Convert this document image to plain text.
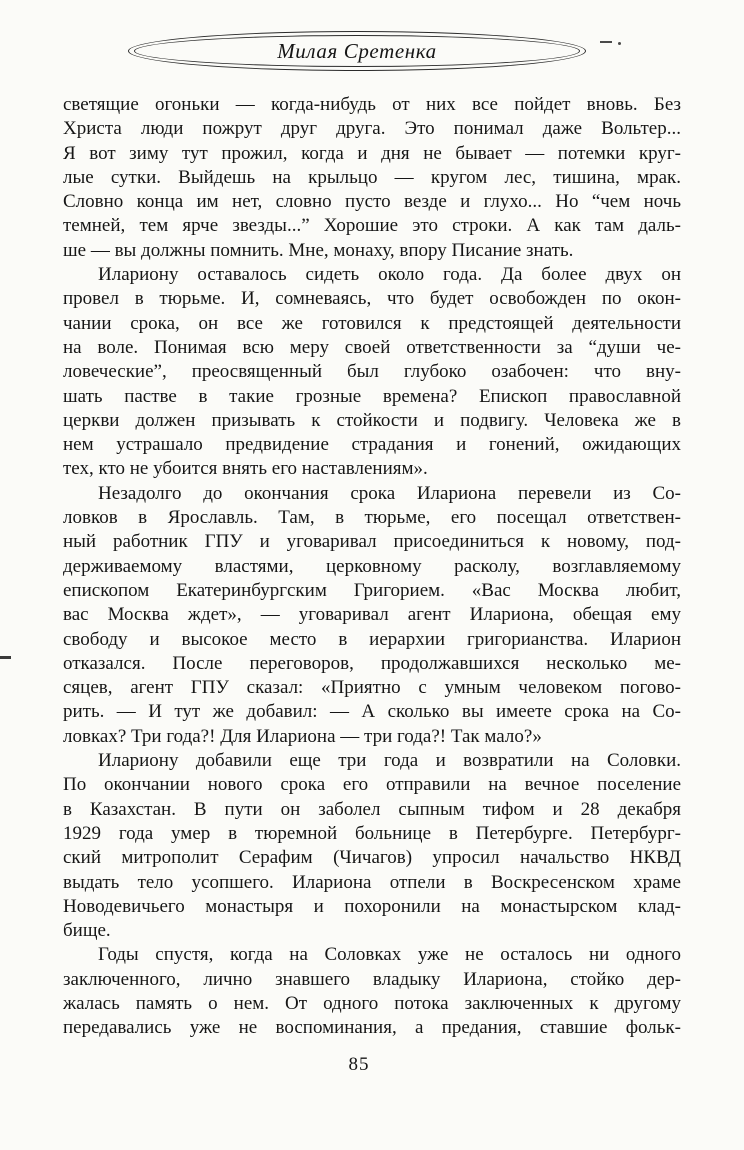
Милая Сретенка
светящие огоньки — когда-нибудь от них все пойдет вновь. Без
Христа люди пожрут друг друга. Это понимал даже Вольтер...
Я вот зиму тут прожил, когда и дня не бывает — потемки круг-
лые сутки. Выйдешь на крыльцо — кругом лес, тишина, мрак.
Словно конца им нет, словно пусто везде и глухо... Но “чем ночь
темней, тем ярче звезды...” Хорошие это строки. А как там даль-
ше — вы должны помнить. Мне, монаху, впору Писание знать.
Илариону оставалось сидеть около года. Да более двух он
провел в тюрьме. И, сомневаясь, что будет освобожден по окон-
чании срока, он все же готовился к предстоящей деятельности
на воле. Понимая всю меру своей ответственности за “души че-
ловеческие”, преосвященный был глубоко озабочен: что вну-
шать пастве в такие грозные времена? Епископ православной
церкви должен призывать к стойкости и подвигу. Человека же в
нем устрашало предвидение страдания и гонений, ожидающих
тех, кто не убоится внять его наставлениям».
Незадолго до окончания срока Илариона перевели из Со-
ловков в Ярославль. Там, в тюрьме, его посещал ответствен-
ный работник ГПУ и уговаривал присоединиться к новому, под-
держиваемому властями, церковному расколу, возглавляемому
епископом Екатеринбургским Григорием. «Вас Москва любит,
вас Москва ждет», — уговаривал агент Илариона, обещая ему
свободу и высокое место в иерархии григорианства. Иларион
отказался. После переговоров, продолжавшихся несколько ме-
сяцев, агент ГПУ сказал: «Приятно с умным человеком погово-
рить. — И тут же добавил: — А сколько вы имеете срока на Со-
ловках? Три года?! Для Илариона — три года?! Так мало?»
Илариону добавили еще три года и возвратили на Соловки.
По окончании нового срока его отправили на вечное поселение
в Казахстан. В пути он заболел сыпным тифом и 28 декабря
1929 года умер в тюремной больнице в Петербурге. Петербург-
ский митрополит Серафим (Чичагов) упросил начальство НКВД
выдать тело усопшего. Илариона отпели в Воскресенском храме
Новодевичьего монастыря и похоронили на монастырском клад-
бище.
Годы спустя, когда на Соловках уже не осталось ни одного
заключенного, лично знавшего владыку Илариона, стойко дер-
жалась память о нем. От одного потока заключенных к другому
передавались уже не воспоминания, а предания, ставшие фольк-
85
